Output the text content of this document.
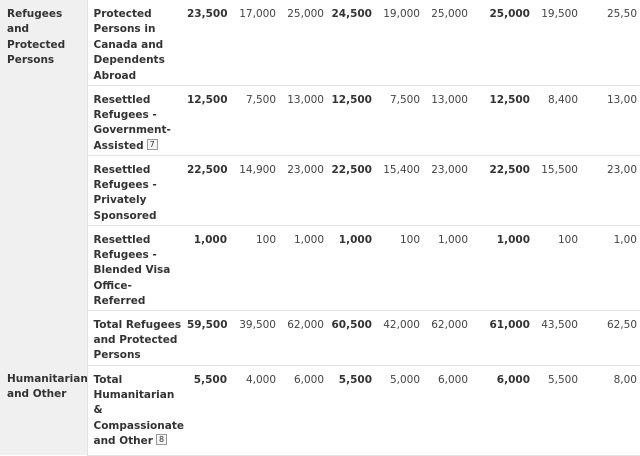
Refugees and Protected Persons	Protected Persons in Canada and Dependents Abroad	23,500	17,000	25,000	24,500	19,000	25,000	25,000	19,500	25,50
	Resettled Refugees - Government-Assisted 7	12,500	7,500	13,000	12,500	7,500	13,000	12,500	8,400	13,00
	Resettled Refugees - Privately Sponsored	22,500	14,900	23,000	22,500	15,400	23,000	22,500	15,500	23,00
	Resettled Refugees - Blended Visa Office-Referred	1,000	100	1,000	1,000	100	1,000	1,000	100	1,00
	Total Refugees and Protected Persons	59,500	39,500	62,000	60,500	42,000	62,000	61,000	43,500	62,50
Humanitarian and Other	Total Humanitarian & Compassionate and Other 8	5,500	4,000	6,000	5,500	5,000	6,000	6,000	5,500	8,00
